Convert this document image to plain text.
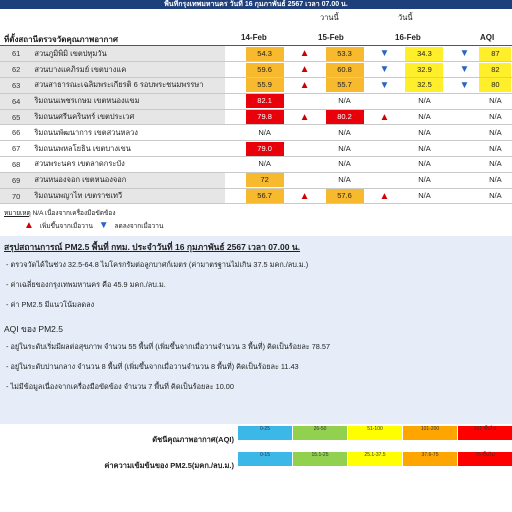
พื้นที่กรุงเทพมหานคร วันที่ 16 กุมภาพันธ์ 2567 เวลา 07.00 น.
วานนี้	วันนี้
ที่ตั้งสถานีตรวจวัดคุณภาพอากาศ	14-Feb	15-Feb	16-Feb	AQI
61	สวนภูมิพิมิ เขตปทุมวัน		54.3	▲	53.3	▼	34.3	▼	87
62	สวนบางแคภิรมย์ เขตบางแค		59.6	▲	60.8	▼	32.9	▼	82
63	สวนสาธารณะเฉลิมพระเกียรติ 6 รอบพระชนมพรรษา		55.9	▲	55.7	▼	32.5	▼	80
64	ริมถนนเพชรเกษม เขตหนองแขม		82.1		N/A		N/A		N/A
65	ริมถนนศรีนครินทร์ เขตประเวศ		79.8	▲	80.2	▲	N/A		N/A
66	ริมถนนพัฒนาการ เขตสวนหลวง		N/A		N/A		N/A		N/A
67	ริมถนนพหลโยธิน เขตบางเขน		79.0		N/A		N/A		N/A
68	สวนพระนคร เขตลาดกระบัง		N/A		N/A		N/A		N/A
69	สวนหนองจอก เขตหนองจอก		72		N/A		N/A		N/A
70	ริมถนนพญาไท เขตราชเทวี		56.7	▲	57.6	▲	N/A		N/A
หมายเหตุ N/A เนื่องจากเครื่องมือขัดข้อง
▲ เพิ่มขึ้นจากเมื่อวาน ▼ ลดลงจากเมื่อวาน
สรุปสถานการณ์ PM2.5 พื้นที่ กทม. ประจำวันที่ 16 กุมภาพันธ์ 2567 เวลา 07.00 น.
- ตรวจวัดได้ในช่วง 32.5-64.8 ไมโครกรัมต่อลูกบาศก์เมตร (ค่ามาตรฐานไม่เกิน 37.5 มคก./ลบ.ม.)
- ค่าเฉลี่ยของกรุงเทพมหานคร คือ 45.9 มคก./ลบ.ม.
- ค่า PM2.5 มีแนวโน้มลดลง
AQI ของ PM2.5
- อยู่ในระดับเริ่มมีผลต่อสุขภาพ จำนวน 55 พื้นที่ (เพิ่มขึ้นจากเมื่อวานจำนวน 3 พื้นที่) คิดเป็นร้อยละ 78.57
- อยู่ในระดับปานกลาง จำนวน 8 พื้นที่ (เพิ่มขึ้นจากเมื่อวานจำนวน 8 พื้นที่) คิดเป็นร้อยละ 11.43
- ไม่มีข้อมูลเนื่องจากเครื่องมือขัดข้อง จำนวน 7 พื้นที่ คิดเป็นร้อยละ 10.00
ดัชนีคุณภาพอากาศ(AQI)
ค่าความเข้มข้นของ PM2.5(มคก./ลบ.ม.)
0-25	26-50	51-100	101-200	201 ขึ้นไป
0-15	15.1-25	25.1-37.5	37.6-75	75 ขึ้นไป
